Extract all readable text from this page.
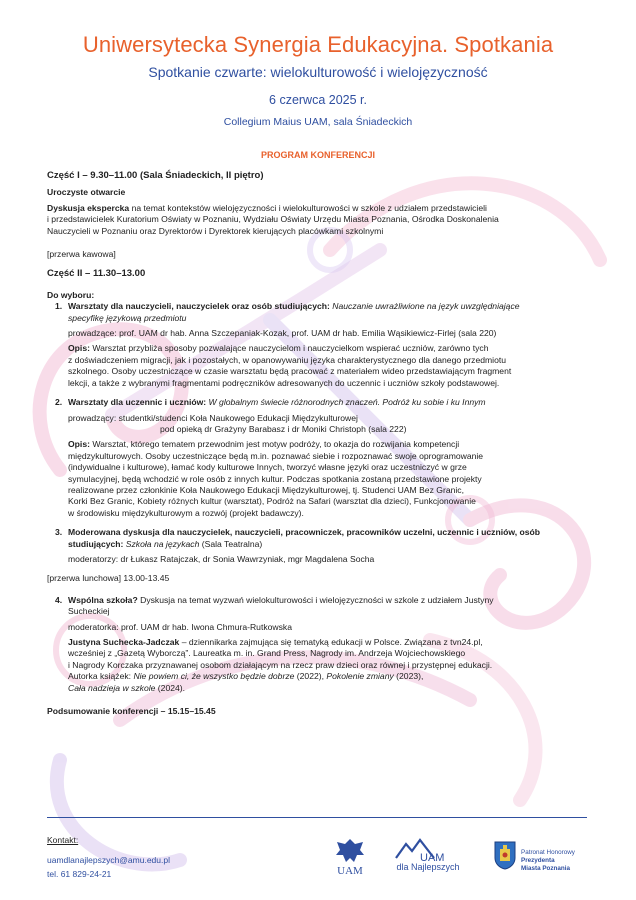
Uniwersytecka Synergia Edukacyjna. Spotkania
Spotkanie czwarte: wielokulturowość i wielojęzyczność
6 czerwca 2025 r.
Collegium Maius UAM, sala Śniadeckich
PROGRAM KONFERENCJI

Część I – 9.30–11.00 (Sala Śniadeckich, II piętro)

Uroczyste otwarcie

Dyskusja ekspercka na temat kontekstów wielojęzyczności i wielokulturowości w szkole z udziałem przedstawicieli

i przedstawicielek Kuratorium Oświaty w Poznaniu, Wydziału Oświaty Urzędu Miasta Poznania, Ośrodka Doskonalenia

Nauczycieli w Poznaniu oraz Dyrektorów i Dyrektorek kierujących placówkami szkolnymi

[przerwa kawowa]

Część II – 11.30–13.00

Do wyboru:

1. Warsztaty dla nauczycieli, nauczycielek oraz osób studiujących: Nauczanie uwrażliwione na język uwzględniające

specyfikę językową przedmiotu

prowadzące: prof. UAM dr hab. Anna Szczepaniak-Kozak, prof. UAM dr hab. Emilia Wąsikiewicz-Firlej (sala 220)

Opis: Warsztat przybliża sposoby pozwalające nauczycielom i nauczycielkom wspierać uczniów, zarówno tych

z doświadczeniem migracji, jak i pozostałych, w opanowywaniu języka charakterystycznego dla danego przedmiotu

szkolnego. Osoby uczestniczące w czasie warsztatu będą pracować z materiałem wideo przedstawiającym fragment

lekcji, a także z wybranymi fragmentami podręczników adresowanych do uczennic i uczniów szkoły podstawowej.

2. Warsztaty dla uczennic i uczniów: W globalnym świecie różnorodnych znaczeń. Podróż ku sobie i ku Innym

prowadzący: studentki/studenci Koła Naukowego Edukacji Międzykulturowej

pod opieką dr Grażyny Barabasz i dr Moniki Christoph (sala 222)

Opis: Warsztat, którego tematem przewodnim jest motyw podróży, to okazja do rozwijania kompetencji

międzykulturowych. Osoby uczestniczące będą m.in. poznawać siebie i rozpoznawać swoje oprogramowanie

(indywidualne i kulturowe), łamać kody kulturowe Innych, tworzyć własne języki oraz uczestniczyć w grze

symulacyjnej, będą wchodzić w role osób z innych kultur. Podczas spotkania zostaną przedstawione projekty

realizowane przez członkinie Koła Naukowego Edukacji Międzykulturowej, tj. Studenci UAM Bez Granic,

Korki Bez Granic, Kobiety różnych kultur (warsztat), Podróż na Safari (warsztat dla dzieci), Funkcjonowanie

w środowisku międzykulturowym a rozwój (projekt badawczy).

3. Moderowana dyskusja dla nauczycielek, nauczycieli, pracowniczek, pracowników uczelni, uczennic i uczniów, osób

studiujących: Szkoła na językach (Sala Teatralna)

moderatorzy: dr Łukasz Ratajczak, dr Sonia Wawrzyniak, mgr Magdalena Socha

[przerwa lunchowa] 13.00-13.45

4. Wspólna szkoła? Dyskusja na temat wyzwań wielokulturowości i wielojęzyczności w szkole z udziałem Justyny

Sucheckiej

moderatorka: prof. UAM dr hab. Iwona Chmura-Rutkowska

Justyna Suchecka-Jadczak – dziennikarka zajmująca się tematyką edukacji w Polsce. Związana z tvn24.pl,

wcześniej z „Gazetą Wyborczą”. Laureatka m. in. Grand Press, Nagrody im. Andrzeja Wojciechowskiego

i Nagrody Korczaka przyznawanej osobom działającym na rzecz praw dzieci oraz równej i przystępnej edukacji.

Autorka książek: Nie powiem ci, że wszystko będzie dobrze (2022), Pokolenie zmiany (2023),

Cała nadzieja w szkole (2024).

Podsumowanie konferencji – 15.15–15.45

Kontakt:
uamdlanajlepszych@amu.edu.pl
tel. 61 829-24-21	UAM
UAM
dla Najlepszych
Patronat Honorowy
Prezydenta
Miasta Poznania
